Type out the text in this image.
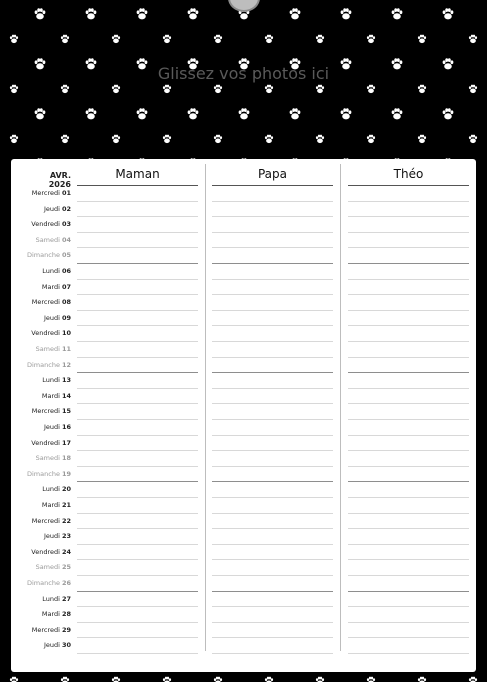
Glissez vos photos ici
AVR. 2026
Mercredi 01
Jeudi 02
Vendredi 03
Samedi 04
Dimanche 05
Lundi 06
Mardi 07
Mercredi 08
Jeudi 09
Vendredi 10
Samedi 11
Dimanche 12
Lundi 13
Mardi 14
Mercredi 15
Jeudi 16
Vendredi 17
Samedi 18
Dimanche 19
Lundi 20
Mardi 21
Mercredi 22
Jeudi 23
Vendredi 24
Samedi 25
Dimanche 26
Lundi 27
Mardi 28
Mercredi 29
Jeudi 30
Maman	Papa	Théo
